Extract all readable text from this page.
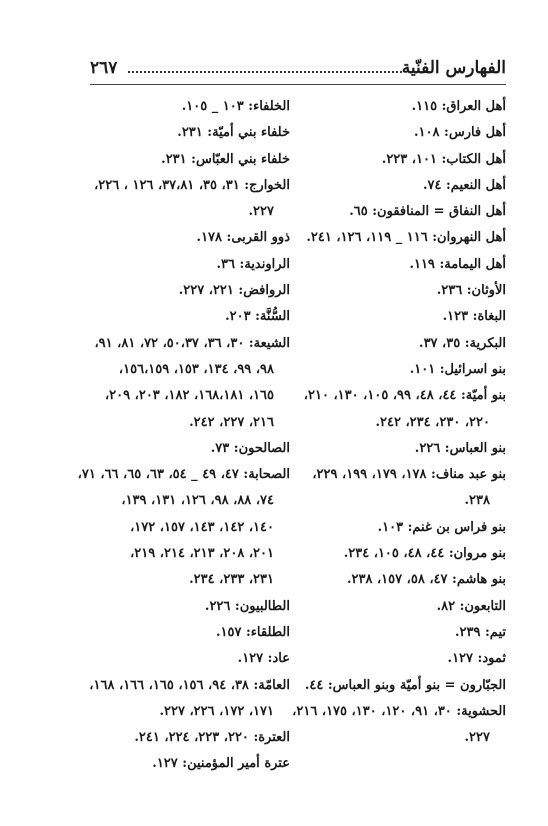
الفهارس الفنّية
٢٦٧
أهل العراق: ١١٥.
أهل فارس: ١٠٨.
أهل الكتاب: ١٠١، ٢٢٣.
أهل النعيم: ٧٤.
أهل النفاق = المنافقون: ٦٥.
أهل النهروان: ١١٦ _ ١١٩، ١٢٦، ٢٤١.
أهل اليمامة: ١١٩.
الأوثان: ٢٣٦.
البغاة: ١٢٣.
البكرية: ٣٥، ٣٧.
بنو اسرائيل: ١٠١.
بنو أميّة: ٤٤، ٤٨، ٩٩، ١٠٥، ١٣٠، ٢١٠،
٢٢٠، ٢٣٠، ٢٣٤، ٢٤٢.
بنو العباس: ٢٢٦.
بنو عبد مناف: ١٧٨، ١٧٩، ١٩٩، ٢٢٩،
٢٣٨.
بنو فراس بن غنم: ١٠٣.
بنو مروان: ٤٤، ٤٨، ١٠٥، ٢٣٤.
بنو هاشم: ٤٧، ٥٨، ١٥٧، ٢٣٨.
التابعون: ٨٢.
تيم: ٢٣٩.
ثمود: ١٢٧.
الجبّارون = بنو أميّة وبنو العباس: ٤٤.
الحشوية: ٣٠، ٩١، ١٢٠، ١٣٠، ١٧٥، ٢١٦،
٢٢٧.
الخلفاء: ١٠٣ _ ١٠٥.
خلفاء بني أميّة: ٢٣١.
خلفاء بني العبّاس: ٢٣١.
الخوارج: ٣١، ٣٥، ٣٧،٨١، ١٢٦ ، ٢٢٦،
٢٢٧.
ذوو القربى: ١٧٨.
الراوندية: ٣٦.
الروافض: ٢٢١، ٢٢٧.
السُّنَّة: ٢٠٣.
الشيعة: ٣٠، ٣٦، ٥٠،٣٧، ٧٢، ٨١، ٩١،
٩٨، ٩٩، ١٣٤، ١٥٣، ١٥٦،١٥٩،
١٦٥، ١٦٨،١٨١، ١٨٢، ٢٠٣، ٢٠٩،
٢١٦، ٢٢٧، ٢٤٢.
الصالحون: ٧٣.
الصحابة: ٤٧، ٤٩ _ ٥٤، ٦٣، ٦٥، ٦٦، ٧١،
٧٤، ٨٨، ٩٨، ١٢٦، ١٣١، ١٣٩،
١٤٠، ١٤٢، ١٤٣، ١٥٧، ١٧٢،
٢٠١، ٢٠٨، ٢١٣، ٢١٤، ٢١٩،
٢٣١، ٢٣٣، ٢٣٤.
الطالبيون: ٢٢٦.
الطلقاء: ١٥٧.
عاد: ١٢٧.
العامّة: ٣٨، ٩٤، ١٥٦، ١٦٥، ١٦٦، ١٦٨،
١٧١، ١٧٢، ٢٢٦، ٢٢٧.
العترة: ٢٢٠، ٢٢٣، ٢٢٤، ٢٤١.
عترة أمير المؤمنين: ١٢٧.
